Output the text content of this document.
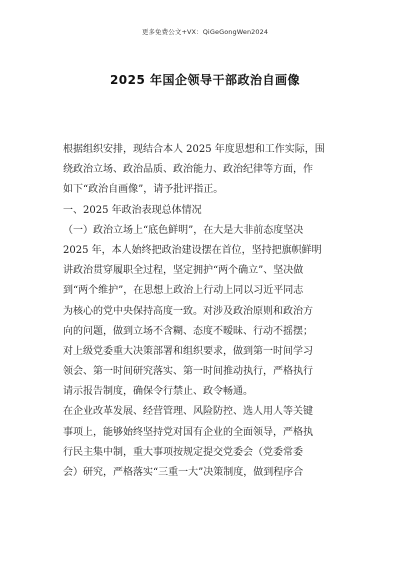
更多免费公文+VX：QiGeGongWen2024
2025 年国企领导干部政治自画像
根据组织安排，现结合本人 2025 年度思想和工作实际，围
绕政治立场、政治品质、政治能力、政治纪律等方面，作
如下“政治自画像”，请予批评指正。
一、2025 年政治表现总体情况
（一）政治立场上“底色鲜明”，在大是大非前态度坚决
2025 年，本人始终把政治建设摆在首位，坚持把旗帜鲜明
讲政治贯穿履职全过程，坚定拥护“两个确立”、坚决做
到“两个维护”，在思想上政治上行动上同以习近平同志
为核心的党中央保持高度一致。对涉及政治原则和政治方
向的问题，做到立场不含糊、态度不暧昧、行动不摇摆；
对上级党委重大决策部署和组织要求，做到第一时间学习
领会、第一时间研究落实、第一时间推动执行，严格执行
请示报告制度，确保令行禁止、政令畅通。
在企业改革发展、经营管理、风险防控、选人用人等关键
事项上，能够始终坚持党对国有企业的全面领导，严格执
行民主集中制，重大事项按规定提交党委会（党委常委
会）研究，严格落实“三重一大”决策制度，做到程序合
